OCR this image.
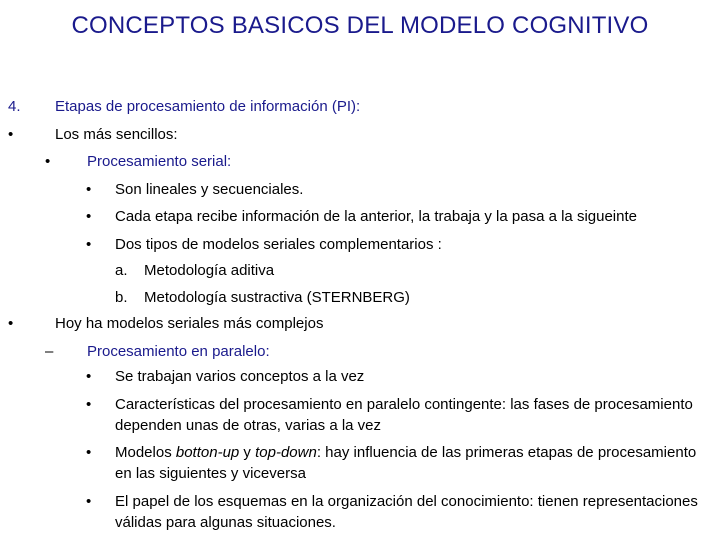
CONCEPTOS BASICOS DEL MODELO COGNITIVO
4. Etapas de procesamiento de información (PI):
•	Los más sencillos:
• Procesamiento serial:
• Son lineales y secuenciales.
• Cada etapa recibe información de la anterior, la trabaja y la pasa a la sigueinte
• Dos tipos de modelos seriales complementarios :
a. Metodología aditiva
b. Metodología sustractiva (STERNBERG)
•	Hoy ha modelos seriales más complejos
– Procesamiento en paralelo:
• Se trabajan varios conceptos a la vez
• Características del procesamiento en paralelo contingente: las fases de procesamiento dependen unas de otras, varias a la vez
• Modelos botton-up y top-down: hay influencia de las primeras etapas de procesamiento en las siguientes y viceversa
• El papel de los esquemas en la organización del conocimiento: tienen representaciones válidas para algunas situaciones.
